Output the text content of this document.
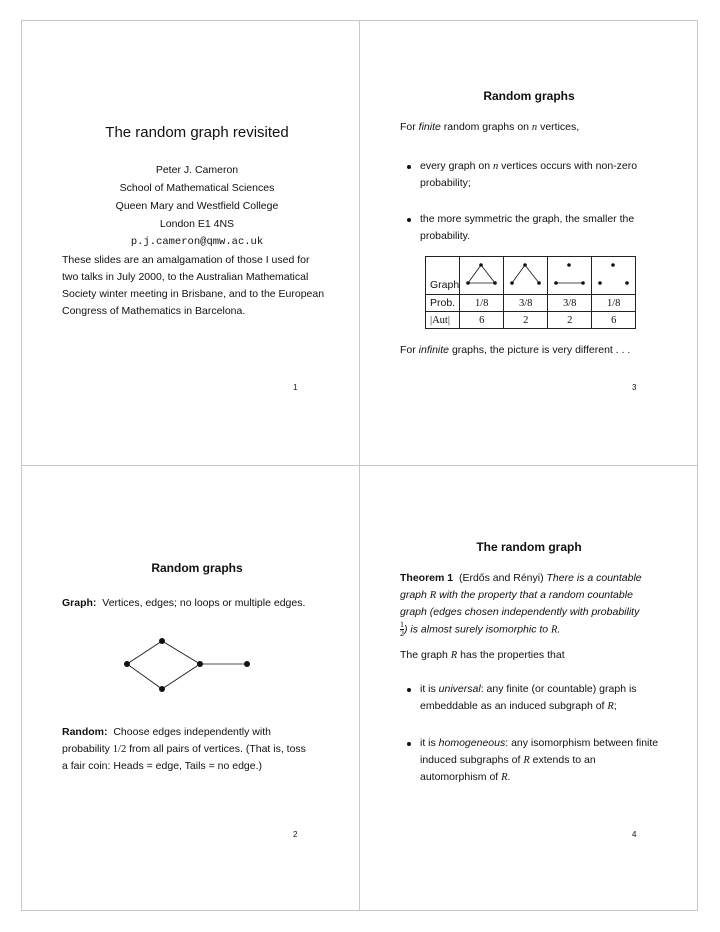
The random graph revisited
Peter J. Cameron
School of Mathematical Sciences
Queen Mary and Westfield College
London E1 4NS
p.j.cameron@qmw.ac.uk

These slides are an amalgamation of those I used for two talks in July 2000, to the Australian Mathematical Society winter meeting in Brisbane, and to the European Congress of Mathematics in Barcelona.

1
Random graphs

For finite random graphs on n vertices,

every graph on n vertices occurs with non-zero probability;
the more symmetric the graph, the smaller the probability.
Graph				
Prob.	1/8	3/8	3/8	1/8
|Aut|	6	2	2	6

For infinite graphs, the picture is very different . . .

3
Random graphs

Graph: Vertices, edges; no loops or multiple edges.

Random: Choose edges independently with
probability 1/2 from all pairs of vertices. (That is, toss
a fair coin: Heads = edge, Tails = no edge.)
2
The random graph
Theorem 1 (Erdős and Rényi) There is a countable
graph R with the property that a random countable
graph (edges chosen independently with probability
$\frac{1}{2}$ ) is almost surely isomorphic to R.

The graph R has the properties that

it is universal: any finite (or countable) graph is embeddable as an induced subgraph of R;
it is homogeneous: any isomorphism between finite induced subgraphs of R extends to an automorphism of R.
4
